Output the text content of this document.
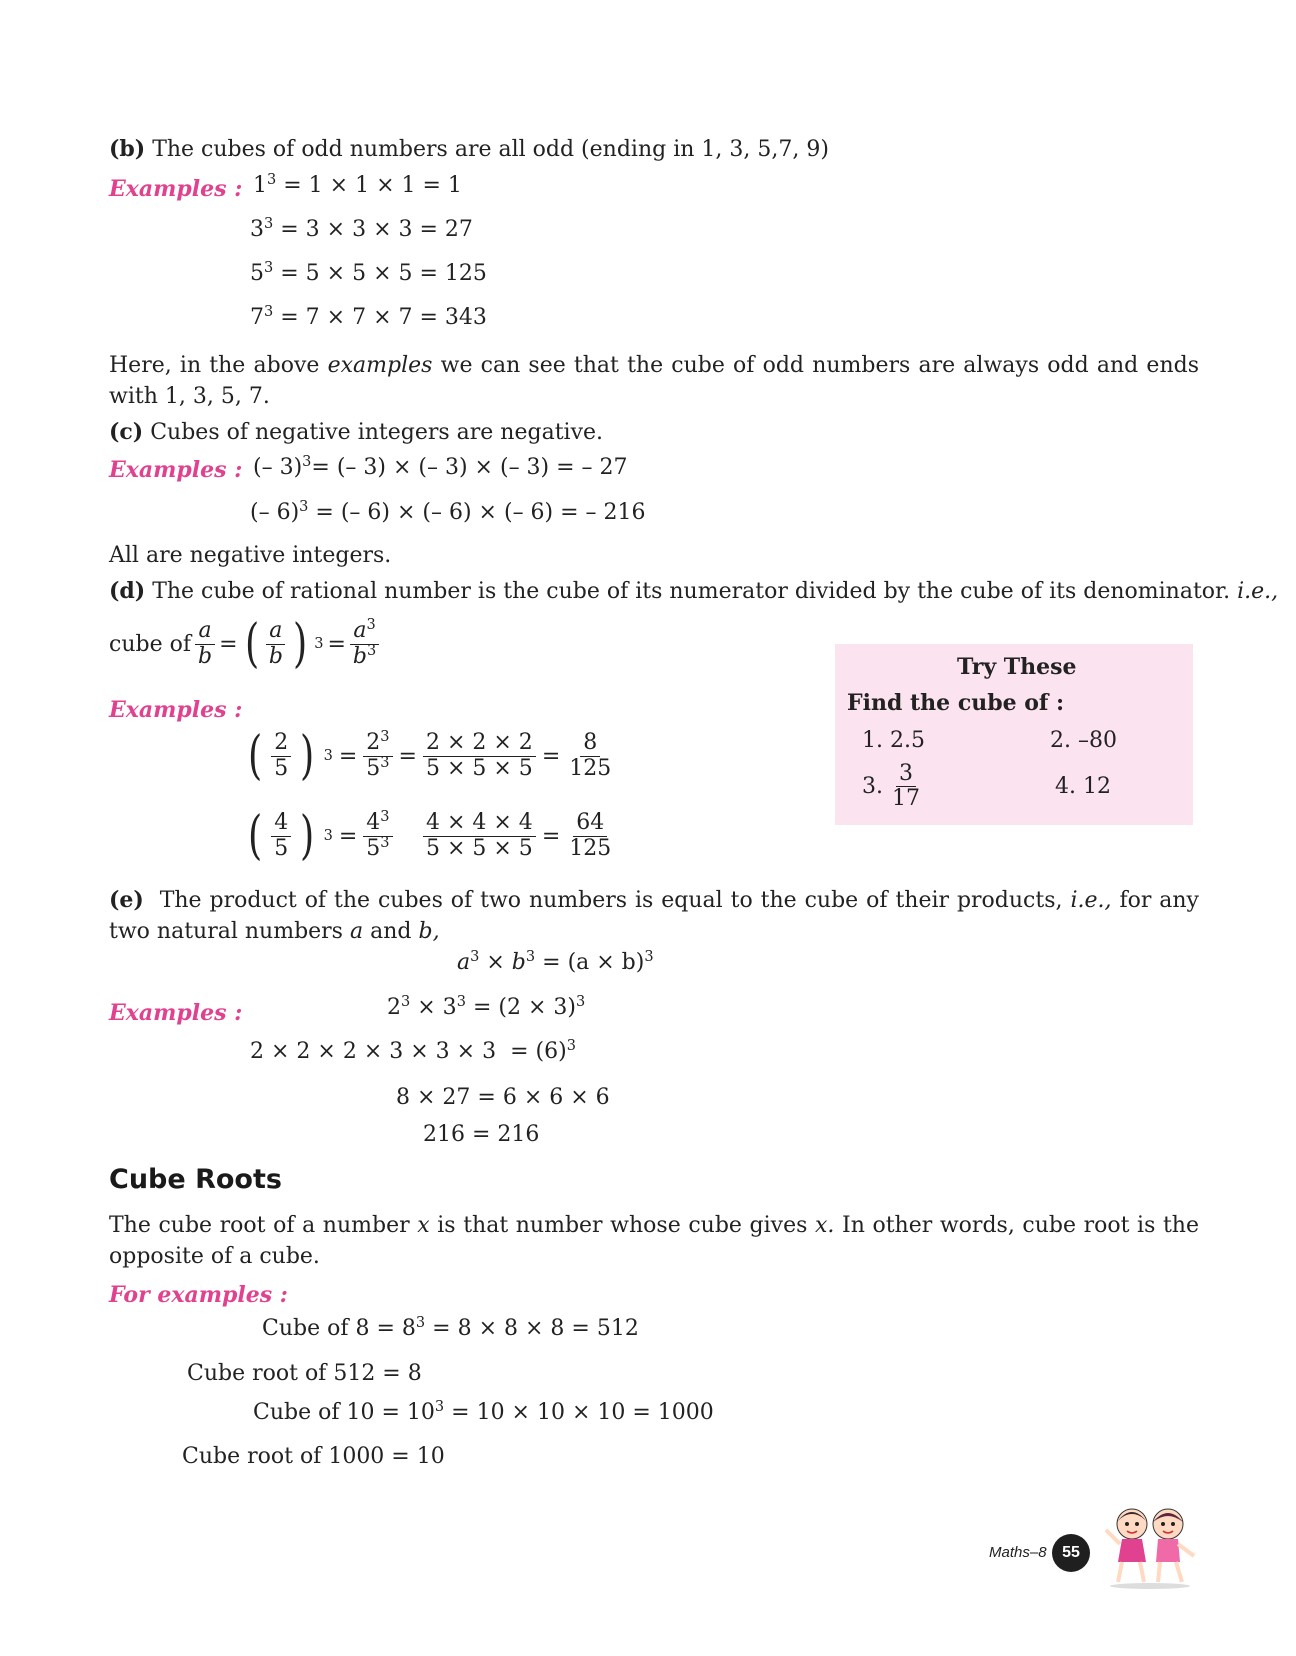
(b) The cubes of odd numbers are all odd (ending in 1, 3, 5,7, 9)
Examples : $1^3 = 1 \times 1 \times 1 = 1$
$3^3 = 3 \times 3 \times 3 = 27$
$5^3 = 5 \times 5 \times 5 = 125$
$7^3 = 7 \times 7 \times 7 = 343$
Here, in the above examples we can see that the cube of odd numbers are always odd and ends with 1, 3, 5, 7.
(c) Cubes of negative integers are negative.
Examples : (– 3)$^3$= (– 3) × (– 3) × (– 3) = – 27
(– 6)$^3$ = (– 6) × (– 6) × (– 6) = – 216
All are negative integers.
(d) The cube of rational number is the cube of its numerator divided by the cube of its denominator. i.e.,
cube of $\frac{a}{b}$ = ( $\frac{a}{b}$ ) $3 = \frac{a^3}{b^3}$
Examples :
( $\frac{2}{5}$ ) $3 = \frac{2^3}{5^3} = \frac{2 \times 2 \times 2}{5 \times 5 \times 5} = \frac{8}{125}$
( $\frac{4}{5}$ ) $3 = \frac{4^3}{5^3} \frac{4 \times 4 \times 4}{5 \times 5 \times 5} = \frac{64}{125}$
Try These
Find the cube of :
1. 2.5	2. –80
3. $\frac{3}{17}$	4. 12
(e) The product of the cubes of two numbers is equal to the cube of their products, i.e., for any two natural numbers a and b,
$a^3 \times b^3 = (a \times b)^3$
Examples :	$2^3 \times 3^3 = (2 \times 3)^3$
$2 \times 2 \times 2 \times 3 \times 3 \times 3 = (6)^3$
8 × 27 = 6 × 6 × 6
216 = 216
Cube Roots
The cube root of a number x is that number whose cube gives x. In other words, cube root is the opposite of a cube.
For examples :
Cube of $8 = 8^3 = 8 \times 8 \times 8 = 512$
Cube root of 512 = 8
Cube of $10 = 10^3 = 10 \times 10 \times 10 = 1000$
Cube root of 1000 = 10
Maths–8 55
